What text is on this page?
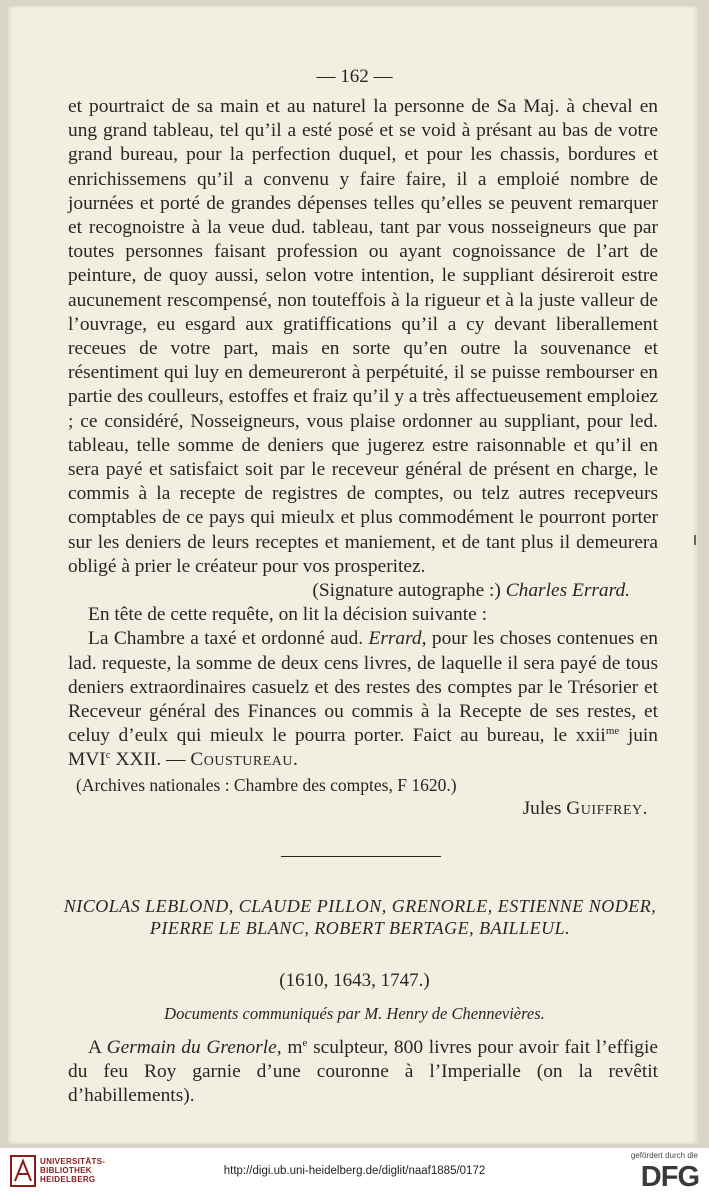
— 162 —

et pourtraict de sa main et au naturel la personne de Sa Maj. à cheval en ung grand tableau, tel qu’il a esté posé et se void à présant au bas de votre grand bureau, pour la perfection duquel, et pour les chassis, bordures et enrichissemens qu’il a convenu y faire faire, il a emploié nombre de journées et porté de grandes dépenses telles qu’elles se peuvent remarquer et recognoistre à la veue dud. tableau, tant par vous nosseigneurs que par toutes personnes faisant profession ou ayant cognoissance de l’art de peinture, de quoy aussi, selon votre intention, le suppliant désireroit estre aucunement rescompensé, non touteffois à la rigueur et à la juste valleur de l’ouvrage, eu esgard aux gratiffications qu’il a cy devant liberallement receues de votre part, mais en sorte qu’en outre la souvenance et résentiment qui luy en demeureront à perpétuité, il se puisse rembourser en partie des coulleurs, estoffes et fraiz qu’il y a très affectueusement emploiez ; ce considéré, Nosseigneurs, vous plaise ordonner au suppliant, pour led. tableau, telle somme de deniers que jugerez estre raisonnable et qu’il en sera payé et satisfaict soit par le receveur général de présent en charge, le commis à la recepte de registres de comptes, ou telz autres recepveurs comptables de ce pays qui mieulx et plus commodément le pourront porter sur les deniers de leurs receptes et maniement, et de tant plus il demeurera obligé à prier le créateur pour vos prosperitez.

(Signature autographe :) Charles Errard.

En tête de cette requête, on lit la décision suivante :

La Chambre a taxé et ordonné aud. Errard, pour les choses contenues en lad. requeste, la somme de deux cens livres, de laquelle il sera payé de tous deniers extraordinaires casuelz et des restes des comptes par le Trésorier et Receveur général des Finances ou commis à la Recepte de ses restes, et celuy d’eulx qui mieulx le pourra porter. Faict au bureau, le xxii$^{me}$ juin MVI$^c$ XXII. — Coustureau.

(Archives nationales : Chambre des comptes, F 1620.)

Jules Guiffrey.

NICOLAS LEBLOND, CLAUDE PILLON, GRENORLE, ESTIENNE NODER, PIERRE LE BLANC, ROBERT BERTAGE, BAILLEUL.
(1610, 1643, 1747.)
Documents communiqués par M. Henry de Chennevières.

A Germain du Grenorle, $m^e$ sculpteur, 800 livres pour avoir fait l’effigie du feu Roy garnie d’une couronne à l’Imperialle (on la revêtit d’habillements).

UNIVERSITÄTS-
BIBLIOTHEK
HEIDELBERG
http://digi.ub.uni-heidelberg.de/diglit/naaf1885/0172
gefördert durch die
DFG
